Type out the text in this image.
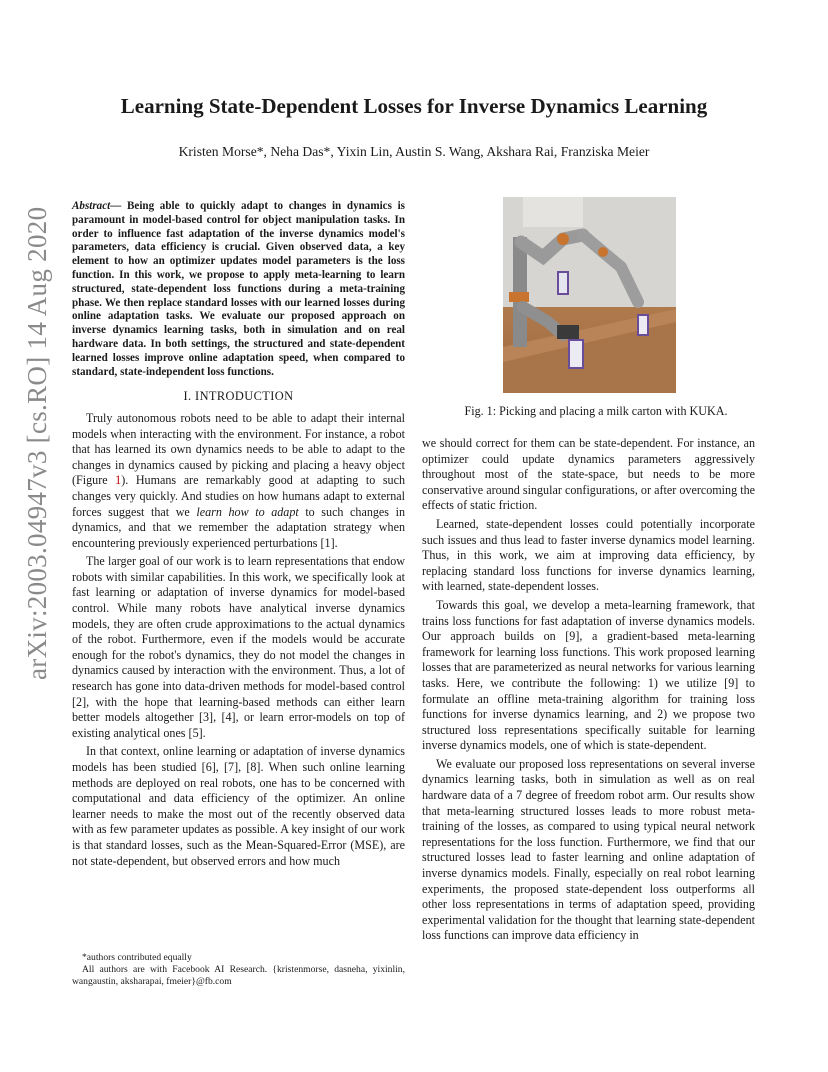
arXiv:2003.04947v3 [cs.RO] 14 Aug 2020
Learning State-Dependent Losses for Inverse Dynamics Learning
Kristen Morse*, Neha Das*, Yixin Lin, Austin S. Wang, Akshara Rai, Franziska Meier
Abstract— Being able to quickly adapt to changes in dynamics is paramount in model-based control for object manipulation tasks. In order to influence fast adaptation of the inverse dynamics model's parameters, data efficiency is crucial. Given observed data, a key element to how an optimizer updates model parameters is the loss function. In this work, we propose to apply meta-learning to learn structured, state-dependent loss functions during a meta-training phase. We then replace standard losses with our learned losses during online adaptation tasks. We evaluate our proposed approach on inverse dynamics learning tasks, both in simulation and on real hardware data. In both settings, the structured and state-dependent learned losses improve online adaptation speed, when compared to standard, state-independent loss functions.
I. INTRODUCTION

Truly autonomous robots need to be able to adapt their internal models when interacting with the environment. For instance, a robot that has learned its own dynamics needs to be able to adapt to the changes in dynamics caused by picking and placing a heavy object (Figure 1). Humans are remarkably good at adapting to such changes very quickly. And studies on how humans adapt to external forces suggest that we learn how to adapt to such changes in dynamics, and that we remember the adaptation strategy when encountering previously experienced perturbations [1].

The larger goal of our work is to learn representations that endow robots with similar capabilities. In this work, we specifically look at fast learning or adaptation of inverse dynamics for model-based control. While many robots have analytical inverse dynamics models, they are often crude approximations to the actual dynamics of the robot. Furthermore, even if the models would be accurate enough for the robot's dynamics, they do not model the changes in dynamics caused by interaction with the environment. Thus, a lot of research has gone into data-driven methods for model-based control [2], with the hope that learning-based methods can either learn better models altogether [3], [4], or learn error-models on top of existing analytical ones [5].

In that context, online learning or adaptation of inverse dynamics models has been studied [6], [7], [8]. When such online learning methods are deployed on real robots, one has to be concerned with computational and data efficiency of the optimizer. An online learner needs to make the most out of the recently observed data with as few parameter updates as possible. A key insight of our work is that standard losses, such as the Mean-Squared-Error (MSE), are not state-dependent, but observed errors and how much

*authors contributed equally
All authors are with Facebook AI Research. {kristenmorse, dasneha, yixinlin, wangaustin, aksharарai, fmeier}@fb.com
Fig. 1: Picking and placing a milk carton with KUKA.

we should correct for them can be state-dependent. For instance, an optimizer could update dynamics parameters aggressively throughout most of the state-space, but needs to be more conservative around singular configurations, or after overcoming the effects of static friction.

Learned, state-dependent losses could potentially incorporate such issues and thus lead to faster inverse dynamics model learning. Thus, in this work, we aim at improving data efficiency, by replacing standard loss functions for inverse dynamics learning, with learned, state-dependent losses.

Towards this goal, we develop a meta-learning framework, that trains loss functions for fast adaptation of inverse dynamics models. Our approach builds on [9], a gradient-based meta-learning framework for learning loss functions. This work proposed learning losses that are parameterized as neural networks for various learning tasks. Here, we contribute the following: 1) we utilize [9] to formulate an offline meta-training algorithm for training loss functions for inverse dynamics learning, and 2) we propose two structured loss representations specifically suitable for learning inverse dynamics models, one of which is state-dependent.

We evaluate our proposed loss representations on several inverse dynamics learning tasks, both in simulation as well as on real hardware data of a 7 degree of freedom robot arm. Our results show that meta-learning structured losses leads to more robust meta-training of the losses, as compared to using typical neural network representations for the loss function. Furthermore, we find that our structured losses lead to faster learning and online adaptation of inverse dynamics models. Finally, especially on real robot learning experiments, the proposed state-dependent loss outperforms all other loss representations in terms of adaptation speed, providing experimental validation for the thought that learning state-dependent loss functions can improve data efficiency in
